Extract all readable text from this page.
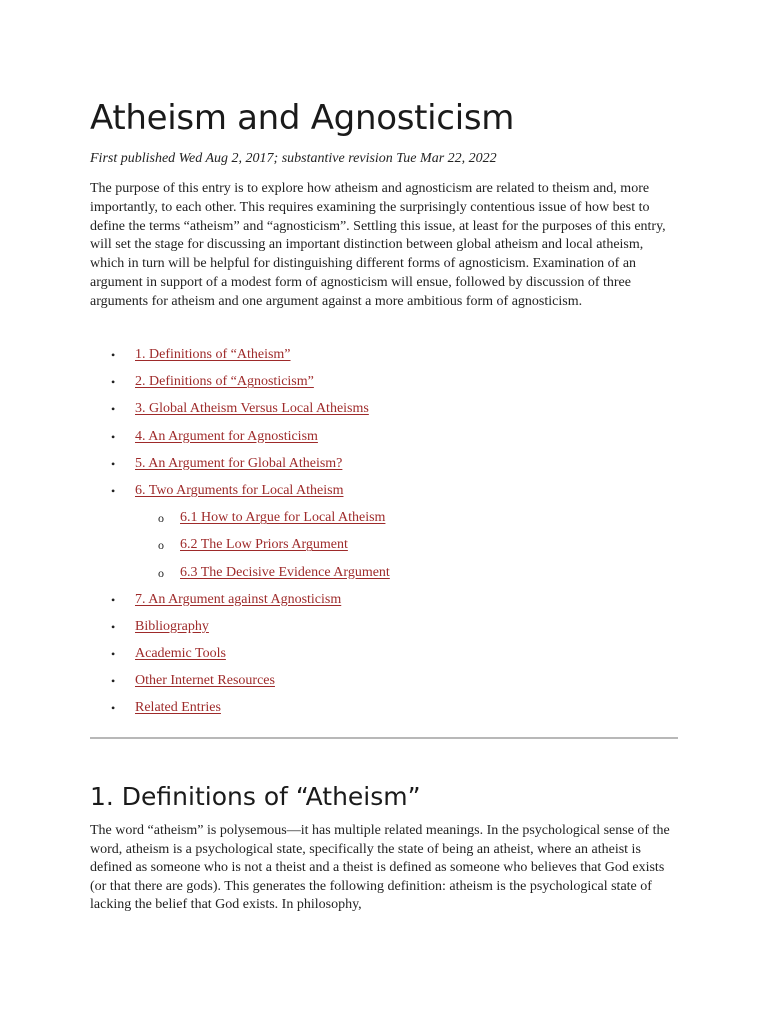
Atheism and Agnosticism
First published Wed Aug 2, 2017; substantive revision Tue Mar 22, 2022

The purpose of this entry is to explore how atheism and agnosticism are related to theism and, more importantly, to each other. This requires examining the surprisingly contentious issue of how best to define the terms “atheism” and “agnosticism”. Settling this issue, at least for the purposes of this entry, will set the stage for discussing an important distinction between global atheism and local atheism, which in turn will be helpful for distinguishing different forms of agnosticism. Examination of an argument in support of a modest form of agnosticism will ensue, followed by discussion of three arguments for atheism and one argument against a more ambitious form of agnosticism.

• 1. Definitions of “Atheism”
• 2. Definitions of “Agnosticism”
• 3. Global Atheism Versus Local Atheisms
• 4. An Argument for Agnosticism
• 5. An Argument for Global Atheism?
• 6. Two Arguments for Local Atheism
o 6.1 How to Argue for Local Atheism
o 6.2 The Low Priors Argument
o 6.3 The Decisive Evidence Argument
• 7. An Argument against Agnosticism
• Bibliography
• Academic Tools
• Other Internet Resources
• Related Entries
1. Definitions of “Atheism”

The word “atheism” is polysemous—it has multiple related meanings. In the psychological sense of the word, atheism is a psychological state, specifically the state of being an atheist, where an atheist is defined as someone who is not a theist and a theist is defined as someone who believes that God exists (or that there are gods). This generates the following definition: atheism is the psychological state of lacking the belief that God exists. In philosophy,
